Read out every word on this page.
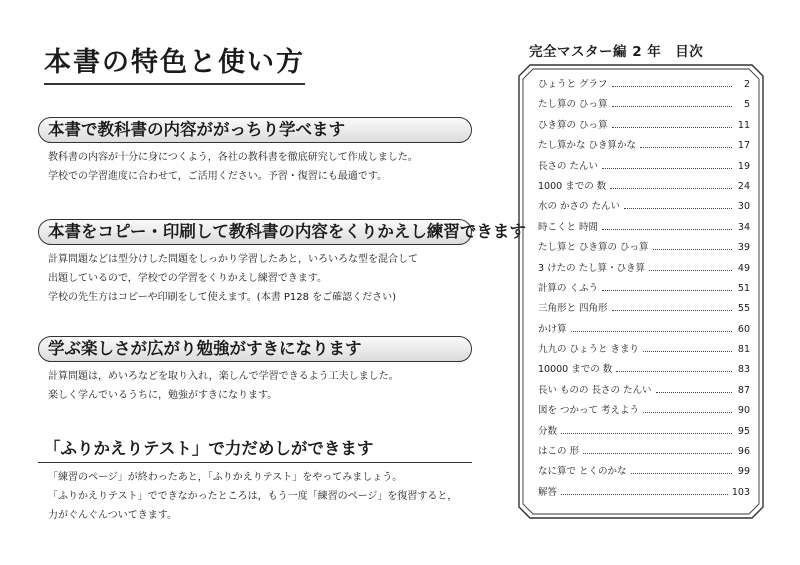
本書の特色と使い方
本書で教科書の内容ががっちり学べます
教科書の内容が十分に身につくよう，各社の教科書を徹底研究して作成しました。
学校での学習進度に合わせて，ご活用ください。予習・復習にも最適です。
本書をコピー・印刷して教科書の内容をくりかえし練習できます
計算問題などは型分けした問題をしっかり学習したあと，いろいろな型を混合して
出題しているので，学校での学習をくりかえし練習できます。
学校の先生方はコピーや印刷をして使えます。(本書 P128 をご確認ください)
学ぶ楽しさが広がり勉強がすきになります
計算問題は，めいろなどを取り入れ，楽しんで学習できるよう工夫しました。
楽しく学んでいるうちに，勉強がすきになります。
「ふりかえりテスト」で力だめしができます
「練習のページ」が終わったあと，「ふりかえりテスト」をやってみましょう。
「ふりかえりテスト」でできなかったところは，もう一度「練習のページ」を復習すると，
力がぐんぐんついてきます。
完全マスター編 2 年　目次
ひょうと グラフ	2
たし算の ひっ算	5
ひき算の ひっ算	11
たし算かな ひき算かな	17
長さの たんい	19
1000 までの 数	24
水の かさの たんい	30
時こくと 時間	34
たし算と ひき算の ひっ算	39
3 けたの たし算・ひき算	49
計算の くふう	51
三角形と 四角形	55
かけ算	60
九九の ひょうと きまり	81
10000 までの 数	83
長い ものの 長さの たんい	87
図を つかって 考えよう	90
分数	95
はこの 形	96
なに算で とくのかな	99
解答	103
